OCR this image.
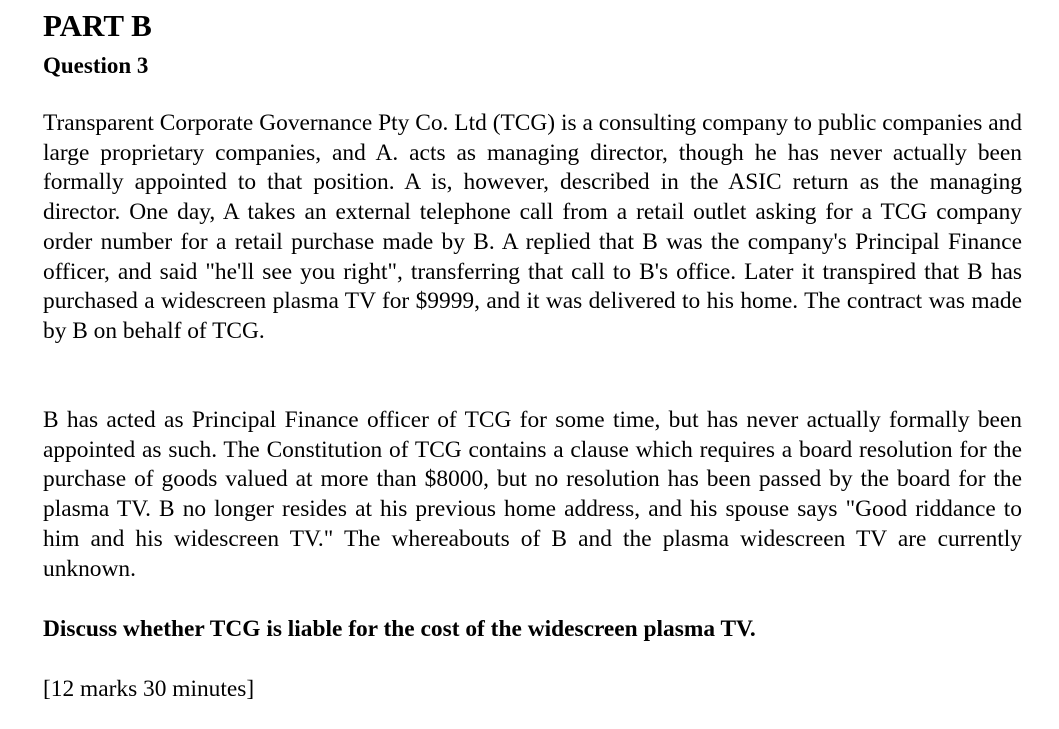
PART B
Question 3

Transparent Corporate Governance Pty Co. Ltd (TCG) is a consulting company to public companies and large proprietary companies, and A. acts as managing director, though he has never actually been formally appointed to that position. A is, however, described in the ASIC return as the managing director. One day, A takes an external telephone call from a retail outlet asking for a TCG company order number for a retail purchase made by B. A replied that B was the company's Principal Finance officer, and said "he'll see you right", transferring that call to B's office. Later it transpired that B has purchased a widescreen plasma TV for $9999, and it was delivered to his home. The contract was made by B on behalf of TCG.

B has acted as Principal Finance officer of TCG for some time, but has never actually formally been appointed as such. The Constitution of TCG contains a clause which requires a board resolution for the purchase of goods valued at more than $8000, but no resolution has been passed by the board for the plasma TV. B no longer resides at his previous home address, and his spouse says "Good riddance to him and his widescreen TV." The whereabouts of B and the plasma widescreen TV are currently unknown.

Discuss whether TCG is liable for the cost of the widescreen plasma TV.

[12 marks 30 minutes]
